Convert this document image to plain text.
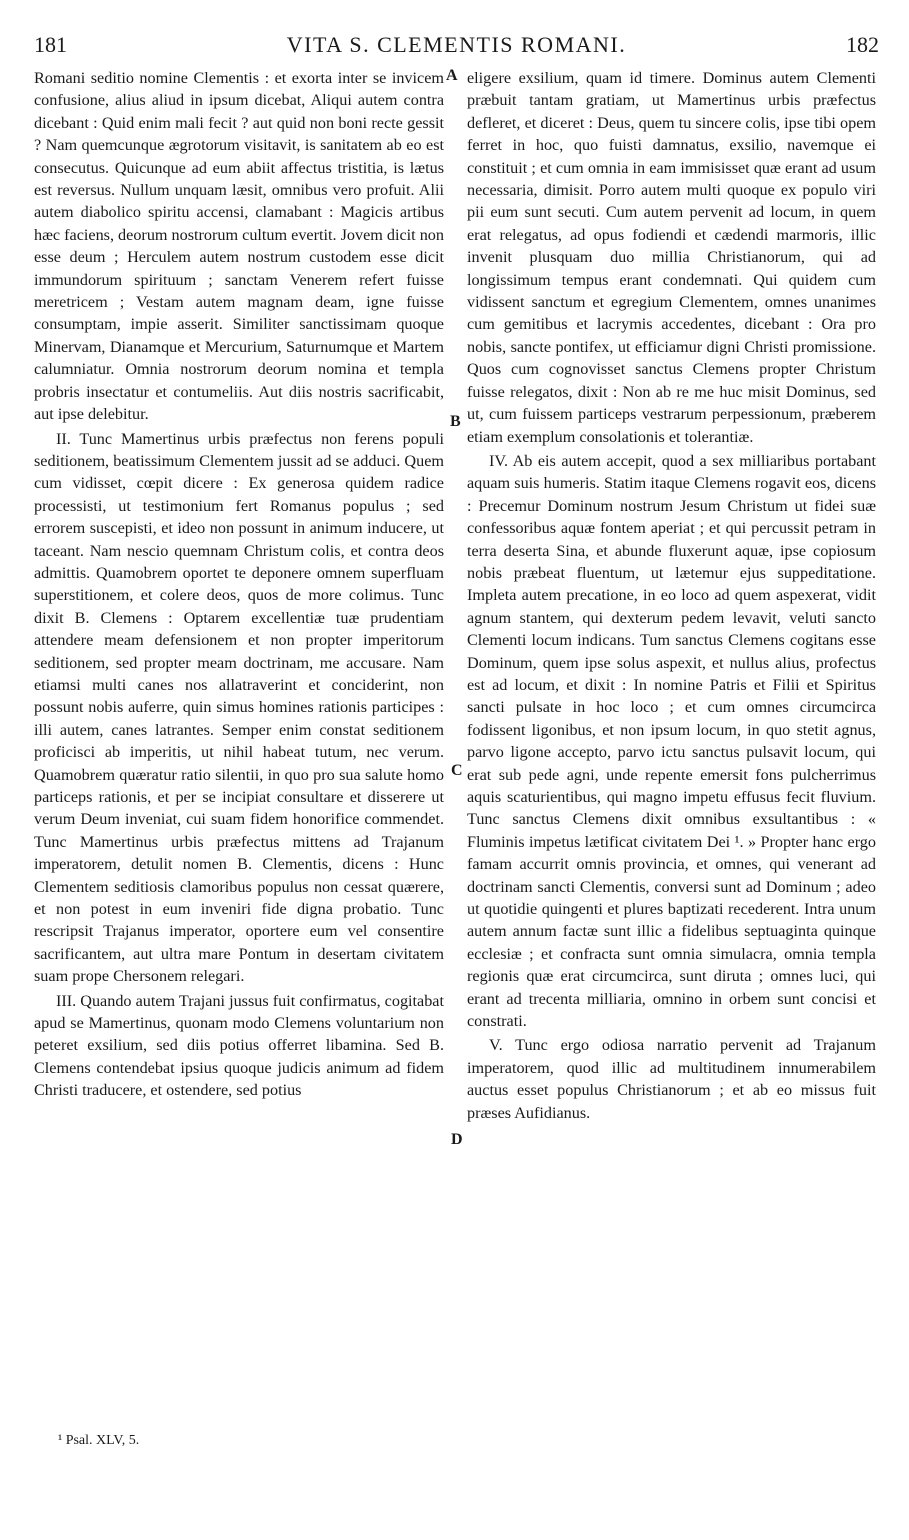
181	VITA S. CLEMENTIS ROMANI.	182

Romani seditio nomine Clementis : et exorta inter se invicem confusione, alius aliud in ipsum dicebat, Aliqui autem contra dicebant : Quid enim mali fecit ? aut quid non boni recte gessit ? Nam quemcunque ægrotorum visitavit, is sanitatem ab eo est consecutus. Quicunque ad eum abiit affectus tristitia, is lætus est reversus. Nullum unquam læsit, omnibus vero profuit. Alii autem diabolico spiritu accensi, clamabant : Magicis artibus hæc faciens, deorum nostrorum cultum evertit. Jovem dicit non esse deum ; Herculem autem nostrum custodem esse dicit immundorum spirituum ; sanctam Venerem refert fuisse meretricem ; Vestam autem magnam deam, igne fuisse consumptam, impie asserit. Similiter sanctissimam quoque Minervam, Dianamque et Mercurium, Saturnumque et Martem calumniatur. Omnia nostrorum deorum nomina et templa probris insectatur et contumeliis. Aut diis nostris sacrificabit, aut ipse delebitur.

II. Tunc Mamertinus urbis præfectus non ferens populi seditionem, beatissimum Clementem jussit ad se adduci. Quem cum vidisset, cœpit dicere : Ex generosa quidem radice processisti, ut testimonium fert Romanus populus ; sed errorem suscepisti, et ideo non possunt in animum inducere, ut taceant. Nam nescio quemnam Christum colis, et contra deos admittis. Quamobrem oportet te deponere omnem superfluam superstitionem, et colere deos, quos de more colimus. Tunc dixit B. Clemens : Optarem excellentiæ tuæ prudentiam attendere meam defensionem et non propter imperitorum seditionem, sed propter meam doctrinam, me accusare. Nam etiamsi multi canes nos allatraverint et conciderint, non possunt nobis auferre, quin simus homines rationis participes : illi autem, canes latrantes. Semper enim constat seditionem proficisci ab imperitis, ut nihil habeat tutum, nec verum. Quamobrem quæratur ratio silentii, in quo pro sua salute homo particeps rationis, et per se incipiat consultare et disserere ut verum Deum inveniat, cui suam fidem honorifice commendet. Tunc Mamertinus urbis præfectus mittens ad Trajanum imperatorem, detulit nomen B. Clementis, dicens : Hunc Clementem seditiosis clamoribus populus non cessat quærere, et non potest in eum inveniri fide digna probatio. Tunc rescripsit Trajanus imperator, oportere eum vel consentire sacrificantem, aut ultra mare Pontum in desertam civitatem suam prope Chersonem relegari.

III. Quando autem Trajani jussus fuit confirmatus, cogitabat apud se Mamertinus, quonam modo Clemens voluntarium non peteret exsilium, sed diis potius offerret libamina. Sed B. Clemens contendebat ipsius quoque judicis animum ad fidem Christi traducere, et ostendere, sed potius

A
B
C
D

eligere exsilium, quam id timere. Dominus autem Clementi præbuit tantam gratiam, ut Mamertinus urbis præfectus defleret, et diceret : Deus, quem tu sincere colis, ipse tibi opem ferret in hoc, quo fuisti damnatus, exsilio, navemque ei constituit ; et cum omnia in eam immisisset quæ erant ad usum necessaria, dimisit. Porro autem multi quoque ex populo viri pii eum sunt secuti. Cum autem pervenit ad locum, in quem erat relegatus, ad opus fodiendi et cædendi marmoris, illic invenit plusquam duo millia Christianorum, qui ad longissimum tempus erant condemnati. Qui quidem cum vidissent sanctum et egregium Clementem, omnes unanimes cum gemitibus et lacrymis accedentes, dicebant : Ora pro nobis, sancte pontifex, ut efficiamur digni Christi promissione. Quos cum cognovisset sanctus Clemens propter Christum fuisse relegatos, dixit : Non ab re me huc misit Dominus, sed ut, cum fuissem particeps vestrarum perpessionum, præberem etiam exemplum consolationis et tolerantiæ.

IV. Ab eis autem accepit, quod a sex milliaribus portabant aquam suis humeris. Statim itaque Clemens rogavit eos, dicens : Precemur Dominum nostrum Jesum Christum ut fidei suæ confessoribus aquæ fontem aperiat ; et qui percussit petram in terra deserta Sina, et abunde fluxerunt aquæ, ipse copiosum nobis præbeat fluentum, ut lætemur ejus suppeditatione. Impleta autem precatione, in eo loco ad quem aspexerat, vidit agnum stantem, qui dexterum pedem levavit, veluti sancto Clementi locum indicans. Tum sanctus Clemens cogitans esse Dominum, quem ipse solus aspexit, et nullus alius, profectus est ad locum, et dixit : In nomine Patris et Filii et Spiritus sancti pulsate in hoc loco ; et cum omnes circumcirca fodissent ligonibus, et non ipsum locum, in quo stetit agnus, parvo ligone accepto, parvo ictu sanctus pulsavit locum, qui erat sub pede agni, unde repente emersit fons pulcherrimus aquis scaturientibus, qui magno impetu effusus fecit fluvium. Tunc sanctus Clemens dixit omnibus exsultantibus : « Fluminis impetus lætificat civitatem Dei ¹. » Propter hanc ergo famam accurrit omnis provincia, et omnes, qui venerant ad doctrinam sancti Clementis, conversi sunt ad Dominum ; adeo ut quotidie quingenti et plures baptizati recederent. Intra unum autem annum factæ sunt illic a fidelibus septuaginta quinque ecclesiæ ; et confracta sunt omnia simulacra, omnia templa regionis quæ erat circumcirca, sunt diruta ; omnes luci, qui erant ad trecenta milliaria, omnino in orbem sunt concisi et constrati.

V. Tunc ergo odiosa narratio pervenit ad Trajanum imperatorem, quod illic ad multitudinem innumerabilem auctus esset populus Christianorum ; et ab eo missus fuit præses Aufidianus.

¹ Psal. XLV, 5.
